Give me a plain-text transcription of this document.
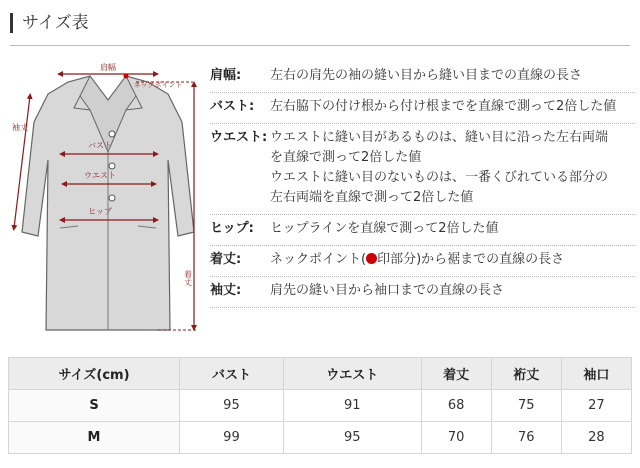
サイズ表
肩幅
ネックポイント
袖丈
バスト
ウエスト
ヒップ
着丈
肩幅:	左右の肩先の袖の縫い目から縫い目までの直線の長さ
バスト:	左右脇下の付け根から付け根までを直線で測って2倍した値
ウエスト: ウエストに縫い目があるものは、縫い目に沿った左右両端
を直線で測って2倍した値
ウエストに縫い目のないものは、一番くびれている部分の
左右両端を直線で測って2倍した値
ヒップ:	ヒップラインを直線で測って2倍した値
着丈:	ネックポイント( 印部分)から裾までの直線の長さ
袖丈:	肩先の縫い目から袖口までの直線の長さ
サイズ(cm)	バスト	ウエスト	着丈	裄丈	袖口
S	95	91	68	75	27
M	99	95	70	76	28
